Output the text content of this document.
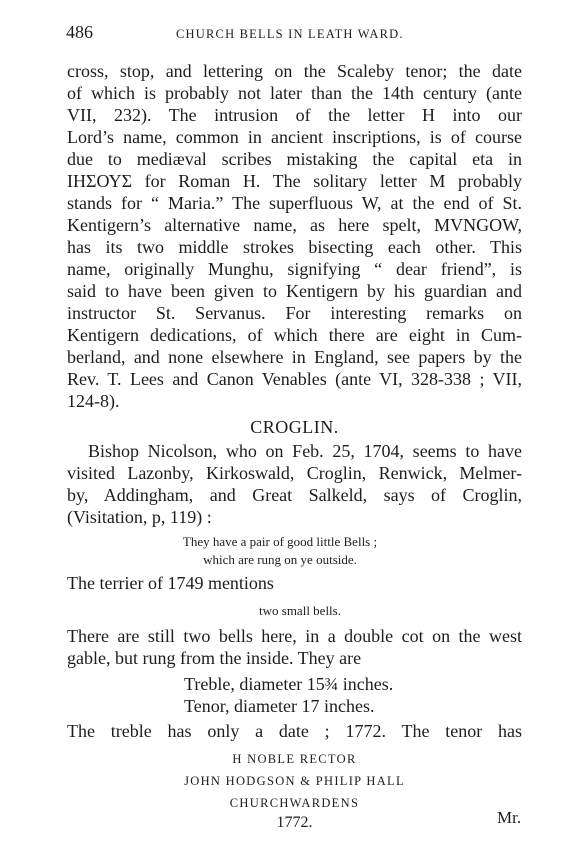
486	CHURCH BELLS IN LEATH WARD.
cross, stop, and lettering on the Scaleby tenor; the date
of which is probably not later than the 14th century (ante
VII, 232). The intrusion of the letter H into our
Lord’s name, common in ancient inscriptions, is of course
due to mediæval scribes mistaking the capital eta in
ΙΗΣΟΥΣ for Roman H. The solitary letter M probably
stands for “ Maria.” The superfluous W, at the end of St.
Kentigern’s alternative name, as here spelt, MVNGOW,
has its two middle strokes bisecting each other. This
name, originally Munghu, signifying “ dear friend”, is
said to have been given to Kentigern by his guardian and
instructor St. Servanus. For interesting remarks on
Kentigern dedications, of which there are eight in Cum-
berland, and none elsewhere in England, see papers by the
Rev. T. Lees and Canon Venables (ante VI, 328-338 ; VII,
124-8).
CROGLIN.
Bishop Nicolson, who on Feb. 25, 1704, seems to have
visited Lazonby, Kirkoswald, Croglin, Renwick, Melmer-
by, Addingham, and Great Salkeld, says of Croglin,
(Visitation, p, 119) :
They have a pair of good little Bells ;
which are rung on ye outside.
The terrier of 1749 mentions
two small bells.
There are still two bells here, in a double cot on the west
gable, but rung from the inside. They are
Treble, diameter 15¾ inches.
Tenor, diameter 17 inches.
The treble has only a date ; 1772. The tenor has
H NOBLE RECTOR
JOHN HODGSON & PHILIP HALL
CHURCHWARDENS
1772.	Mr.
